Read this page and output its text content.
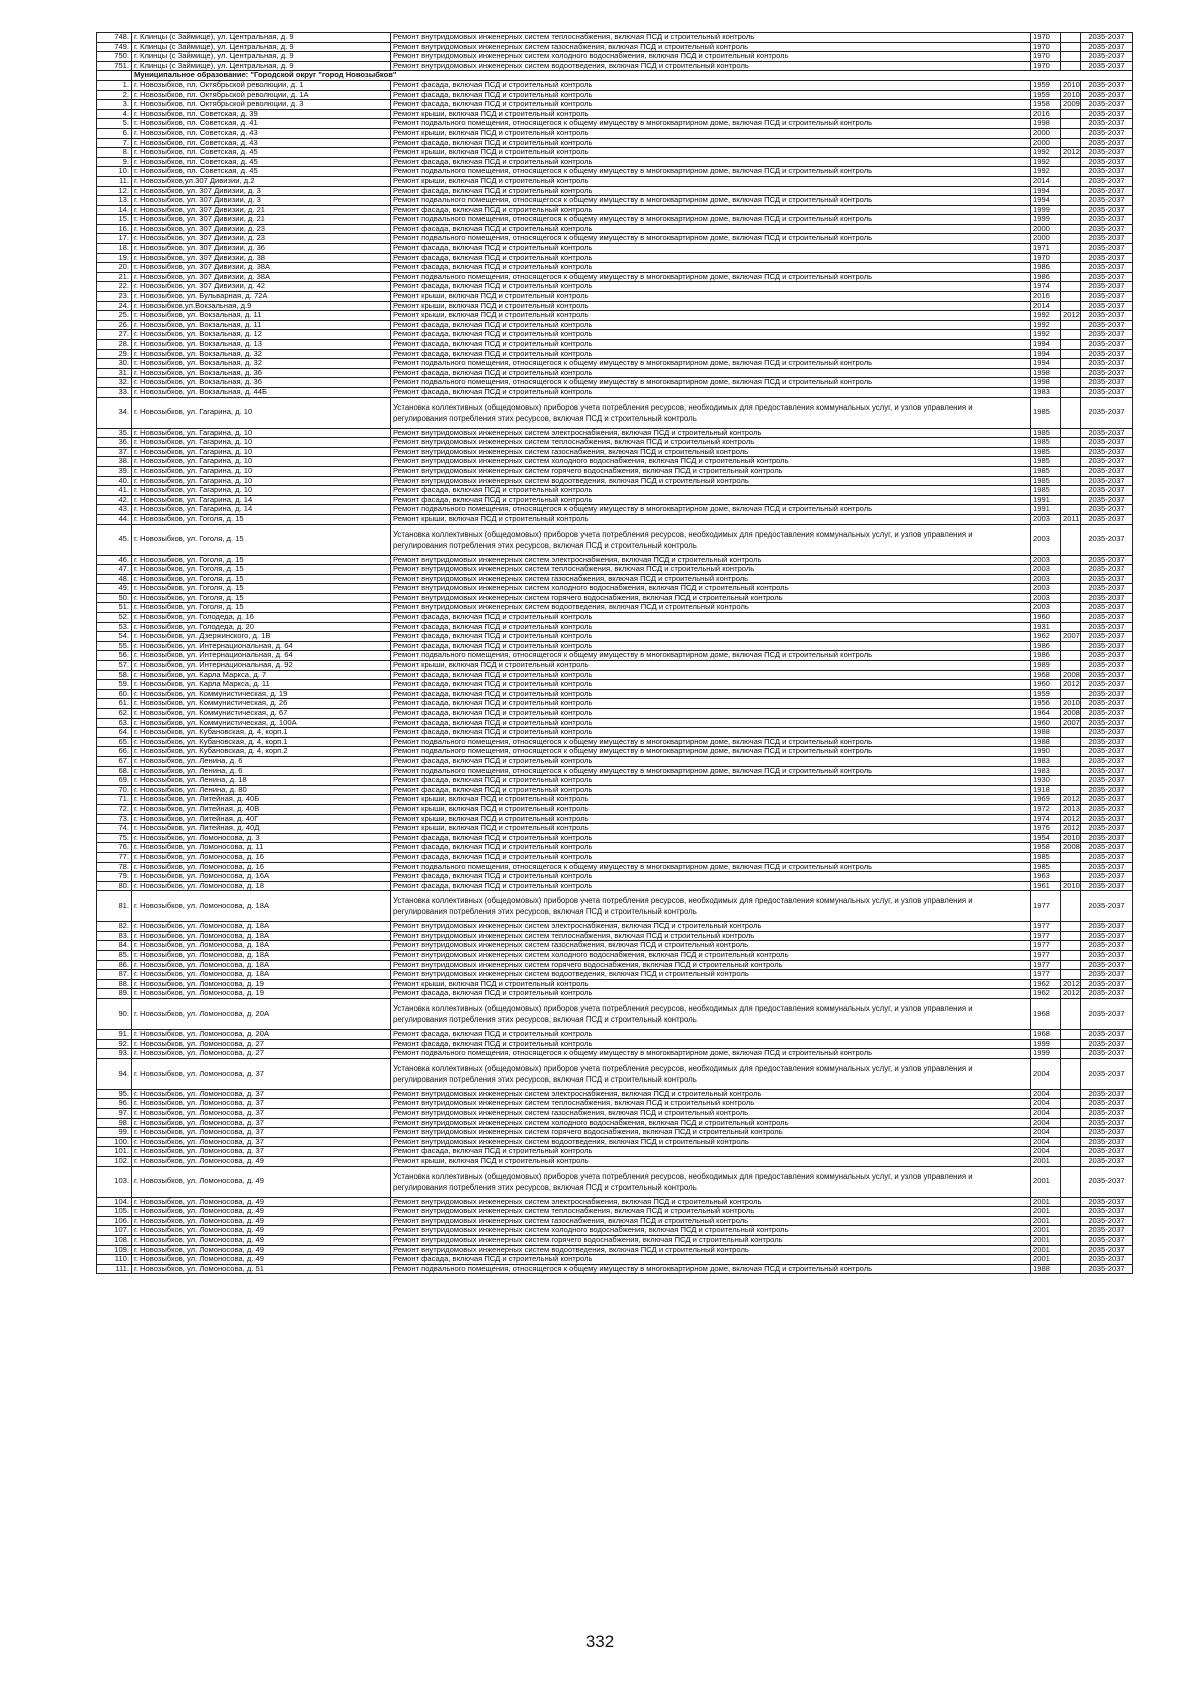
748.	г. Клинцы (с Займище), ул. Центральная, д. 9	Ремонт внутридомовых инженерных систем теплоснабжения, включая ПСД и строительный контроль	1970		2035-2037
749.	г. Клинцы (с Займище), ул. Центральная, д. 9	Ремонт внутридомовых инженерных систем газоснабжения, включая ПСД и строительный контроль	1970		2035-2037
750.	г. Клинцы (с Займище), ул. Центральная, д. 9	Ремонт внутридомовых инженерных систем холодного водоснабжения, включая ПСД и строительный контроль	1970		2035-2037
751.	г. Клинцы (с Займище), ул. Центральная, д. 9	Ремонт внутридомовых инженерных систем водоотведения, включая ПСД и строительный контроль	1970		2035-2037
	Муниципальное образование: "Городской округ "город Новозыбков"				
1.	г. Новозыбков, пл. Октябрьской революции, д. 1	Ремонт фасада, включая ПСД и строительный контроль	1959	2010	2035-2037
2.	г. Новозыбков, пл. Октябрьской революции, д. 1А	Ремонт фасада, включая ПСД и строительный контроль	1959	2010	2035-2037
3.	г. Новозыбков, пл. Октябрьской революции, д. 3	Ремонт фасада, включая ПСД и строительный контроль	1958	2009	2035-2037
4.	г. Новозыбков, пл. Советская, д. 39	Ремонт крыши, включая ПСД и строительный контроль	2016		2035-2037
5.	г. Новозыбков, пл. Советская, д. 41	Ремонт подвального помещения, относящегося к общему имуществу в многоквартирном доме, включая ПСД и строительный контроль	1998		2035-2037
6.	г. Новозыбков, пл. Советская, д. 43	Ремонт крыши, включая ПСД и строительный контроль	2000		2035-2037
7.	г. Новозыбков, пл. Советская, д. 43	Ремонт фасада, включая ПСД и строительный контроль	2000		2035-2037
8.	г. Новозыбков, пл. Советская, д. 45	Ремонт крыши, включая ПСД и строительный контроль	1992	2012	2035-2037
9.	г. Новозыбков, пл. Советская, д. 45	Ремонт фасада, включая ПСД и строительный контроль	1992		2035-2037
10.	г. Новозыбков, пл. Советская, д. 45	Ремонт подвального помещения, относящегося к общему имуществу в многоквартирном доме, включая ПСД и строительный контроль	1992		2035-2037
11.	г. Новозыбков,ул.307 Дивизии, д.2	Ремонт крыши, включая ПСД и строительный контроль	2014		2035-2037
12.	г. Новозыбков, ул. 307 Дивизии, д. 3	Ремонт фасада, включая ПСД и строительный контроль	1994		2035-2037
13.	г. Новозыбков, ул. 307 Дивизии, д. 3	Ремонт подвального помещения, относящегося к общему имуществу в многоквартирном доме, включая ПСД и строительный контроль	1994		2035-2037
14.	г. Новозыбков, ул. 307 Дивизии, д. 21	Ремонт фасада, включая ПСД и строительный контроль	1999		2035-2037
15.	г. Новозыбков, ул. 307 Дивизии, д. 21	Ремонт подвального помещения, относящегося к общему имуществу в многоквартирном доме, включая ПСД и строительный контроль	1999		2035-2037
16.	г. Новозыбков, ул. 307 Дивизии, д. 23	Ремонт фасада, включая ПСД и строительный контроль	2000		2035-2037
17.	г. Новозыбков, ул. 307 Дивизии, д. 23	Ремонт подвального помещения, относящегося к общему имуществу в многоквартирном доме, включая ПСД и строительный контроль	2000		2035-2037
18.	г. Новозыбков, ул. 307 Дивизии, д. 36	Ремонт фасада, включая ПСД и строительный контроль	1971		2035-2037
19.	г. Новозыбков, ул. 307 Дивизии, д. 38	Ремонт фасада, включая ПСД и строительный контроль	1970		2035-2037
20.	г. Новозыбков, ул. 307 Дивизии, д. 38А	Ремонт фасада, включая ПСД и строительный контроль	1986		2035-2037
21.	г. Новозыбков, ул. 307 Дивизии, д. 38А	Ремонт подвального помещения, относящегося к общему имуществу в многоквартирном доме, включая ПСД и строительный контроль	1986		2035-2037
22.	г. Новозыбков, ул. 307 Дивизии, д. 42	Ремонт фасада, включая ПСД и строительный контроль	1974		2035-2037
23.	г. Новозыбков, ул. Бульварная, д. 72А	Ремонт крыши, включая ПСД и строительный контроль	2016		2035-2037
24.	г. Новозыбков,ул.Вокзальная, д.9	Ремонт крыши, включая ПСД и строительный контроль	2014		2035-2037
25.	г. Новозыбков, ул. Вокзальная, д. 11	Ремонт крыши, включая ПСД и строительный контроль	1992	2012	2035-2037
26.	г. Новозыбков, ул. Вокзальная, д. 11	Ремонт фасада, включая ПСД и строительный контроль	1992		2035-2037
27.	г. Новозыбков, ул. Вокзальная, д. 12	Ремонт фасада, включая ПСД и строительный контроль	1992		2035-2037
28.	г. Новозыбков, ул. Вокзальная, д. 13	Ремонт фасада, включая ПСД и строительный контроль	1994		2035-2037
29.	г. Новозыбков, ул. Вокзальная, д. 32	Ремонт фасада, включая ПСД и строительный контроль	1994		2035-2037
30.	г. Новозыбков, ул. Вокзальная, д. 32	Ремонт подвального помещения, относящегося к общему имуществу в многоквартирном доме, включая ПСД и строительный контроль	1994		2035-2037
31.	г. Новозыбков, ул. Вокзальная, д. 36	Ремонт фасада, включая ПСД и строительный контроль	1998		2035-2037
32.	г. Новозыбков, ул. Вокзальная, д. 36	Ремонт подвального помещения, относящегося к общему имуществу в многоквартирном доме, включая ПСД и строительный контроль	1998		2035-2037
33.	г. Новозыбков, ул. Вокзальная, д. 44Б	Ремонт фасада, включая ПСД и строительный контроль	1983		2035-2037
34.	г. Новозыбков, ул. Гагарина, д. 10	Установка коллективных (общедомовых) приборов учета потребления ресурсов, необходимых для предоставления коммунальных услуг, и узлов управления и регулирования потребления этих ресурсов, включая ПСД и строительный контроль	1985		2035-2037
35.	г. Новозыбков, ул. Гагарина, д. 10	Ремонт внутридомовых инженерных систем электроснабжения, включая ПСД и строительный контроль	1985		2035-2037
36.	г. Новозыбков, ул. Гагарина, д. 10	Ремонт внутридомовых инженерных систем теплоснабжения, включая ПСД и строительный контроль	1985		2035-2037
37.	г. Новозыбков, ул. Гагарина, д. 10	Ремонт внутридомовых инженерных систем газоснабжения, включая ПСД и строительный контроль	1985		2035-2037
38.	г. Новозыбков, ул. Гагарина, д. 10	Ремонт внутридомовых инженерных систем холодного водоснабжения, включая ПСД и строительный контроль	1985		2035-2037
39.	г. Новозыбков, ул. Гагарина, д. 10	Ремонт внутридомовых инженерных систем горячего водоснабжения, включая ПСД и строительный контроль	1985		2035-2037
40.	г. Новозыбков, ул. Гагарина, д. 10	Ремонт внутридомовых инженерных систем водоотведения, включая ПСД и строительный контроль	1985		2035-2037
41.	г. Новозыбков, ул. Гагарина, д. 10	Ремонт фасада, включая ПСД и строительный контроль	1985		2035-2037
42.	г. Новозыбков, ул. Гагарина, д. 14	Ремонт фасада, включая ПСД и строительный контроль	1991		2035-2037
43.	г. Новозыбков, ул. Гагарина, д. 14	Ремонт подвального помещения, относящегося к общему имуществу в многоквартирном доме, включая ПСД и строительный контроль	1991		2035-2037
44.	г. Новозыбков, ул. Гоголя, д. 15	Ремонт крыши, включая ПСД и строительный контроль	2003	2011	2035-2037
45.	г. Новозыбков, ул. Гоголя, д. 15	Установка коллективных (общедомовых) приборов учета потребления ресурсов, необходимых для предоставления коммунальных услуг, и узлов управления и регулирования потребления этих ресурсов, включая ПСД и строительный контроль	2003		2035-2037
46.	г. Новозыбков, ул. Гоголя, д. 15	Ремонт внутридомовых инженерных систем электроснабжения, включая ПСД и строительный контроль	2003		2035-2037
47.	г. Новозыбков, ул. Гоголя, д. 15	Ремонт внутридомовых инженерных систем теплоснабжения, включая ПСД и строительный контроль	2003		2035-2037
48.	г. Новозыбков, ул. Гоголя, д. 15	Ремонт внутридомовых инженерных систем газоснабжения, включая ПСД и строительный контроль	2003		2035-2037
49.	г. Новозыбков, ул. Гоголя, д. 15	Ремонт внутридомовых инженерных систем холодного водоснабжения, включая ПСД и строительный контроль	2003		2035-2037
50.	г. Новозыбков, ул. Гоголя, д. 15	Ремонт внутридомовых инженерных систем горячего водоснабжения, включая ПСД и строительный контроль	2003		2035-2037
51.	г. Новозыбков, ул. Гоголя, д. 15	Ремонт внутридомовых инженерных систем водоотведения, включая ПСД и строительный контроль	2003		2035-2037
52.	г. Новозыбков, ул. Голодеда, д. 16	Ремонт фасада, включая ПСД и строительный контроль	1960		2035-2037
53.	г. Новозыбков, ул. Голодеда, д. 20	Ремонт фасада, включая ПСД и строительный контроль	1931		2035-2037
54.	г. Новозыбков, ул. Дзержинского, д. 1В	Ремонт фасада, включая ПСД и строительный контроль	1962	2007	2035-2037
55.	г. Новозыбков, ул. Интернациональная, д. 64	Ремонт фасада, включая ПСД и строительный контроль	1986		2035-2037
56.	г. Новозыбков, ул. Интернациональная, д. 64	Ремонт подвального помещения, относящегося к общему имуществу в многоквартирном доме, включая ПСД и строительный контроль	1986		2035-2037
57.	г. Новозыбков, ул. Интернациональная, д. 92	Ремонт крыши, включая ПСД и строительный контроль	1989		2035-2037
58.	г. Новозыбков, ул. Карла Маркса, д. 7	Ремонт фасада, включая ПСД и строительный контроль	1968	2008	2035-2037
59.	г. Новозыбков, ул. Карла Маркса, д. 11	Ремонт фасада, включая ПСД и строительный контроль	1960	2012	2035-2037
60.	г. Новозыбков, ул. Коммунистическая, д. 19	Ремонт фасада, включая ПСД и строительный контроль	1959		2035-2037
61.	г. Новозыбков, ул. Коммунистическая, д. 26	Ремонт фасада, включая ПСД и строительный контроль	1956	2010	2035-2037
62.	г. Новозыбков, ул. Коммунистическая, д. 67	Ремонт фасада, включая ПСД и строительный контроль	1964	2008	2035-2037
63.	г. Новозыбков, ул. Коммунистическая, д. 100А	Ремонт фасада, включая ПСД и строительный контроль	1960	2007	2035-2037
64.	г. Новозыбков, ул. Кубановская, д. 4, корп.1	Ремонт фасада, включая ПСД и строительный контроль	1988		2035-2037
65.	г. Новозыбков, ул. Кубановская, д. 4, корп.1	Ремонт подвального помещения, относящегося к общему имуществу в многоквартирном доме, включая ПСД и строительный контроль	1988		2035-2037
66.	г. Новозыбков, ул. Кубановская, д. 4, корп.2	Ремонт подвального помещения, относящегося к общему имуществу в многоквартирном доме, включая ПСД и строительный контроль	1990		2035-2037
67.	г. Новозыбков, ул. Ленина, д. 6	Ремонт фасада, включая ПСД и строительный контроль	1983		2035-2037
68.	г. Новозыбков, ул. Ленина, д. 6	Ремонт подвального помещения, относящегося к общему имуществу в многоквартирном доме, включая ПСД и строительный контроль	1983		2035-2037
69.	г. Новозыбков, ул. Ленина, д. 18	Ремонт фасада, включая ПСД и строительный контроль	1930		2035-2037
70.	г. Новозыбков, ул. Ленина, д. 80	Ремонт фасада, включая ПСД и строительный контроль	1918		2035-2037
71.	г. Новозыбков, ул. Литейная, д. 40Б	Ремонт крыши, включая ПСД и строительный контроль	1969	2012	2035-2037
72.	г. Новозыбков, ул. Литейная, д. 40В	Ремонт крыши, включая ПСД и строительный контроль	1972	2013	2035-2037
73.	г. Новозыбков, ул. Литейная, д. 40Г	Ремонт крыши, включая ПСД и строительный контроль	1974	2012	2035-2037
74.	г. Новозыбков, ул. Литейная, д. 40Д	Ремонт крыши, включая ПСД и строительный контроль	1976	2012	2035-2037
75.	г. Новозыбков, ул. Ломоносова, д. 3	Ремонт фасада, включая ПСД и строительный контроль	1954	2010	2035-2037
76.	г. Новозыбков, ул. Ломоносова, д. 11	Ремонт фасада, включая ПСД и строительный контроль	1958	2008	2035-2037
77.	г. Новозыбков, ул. Ломоносова, д. 16	Ремонт фасада, включая ПСД и строительный контроль	1985		2035-2037
78.	г. Новозыбков, ул. Ломоносова, д. 16	Ремонт подвального помещения, относящегося к общему имуществу в многоквартирном доме, включая ПСД и строительный контроль	1985		2035-2037
79.	г. Новозыбков, ул. Ломоносова, д. 16А	Ремонт фасада, включая ПСД и строительный контроль	1963		2035-2037
80.	г. Новозыбков, ул. Ломоносова, д. 18	Ремонт фасада, включая ПСД и строительный контроль	1961	2010	2035-2037
81.	г. Новозыбков, ул. Ломоносова, д. 18А	Установка коллективных (общедомовых) приборов учета потребления ресурсов, необходимых для предоставления коммунальных услуг, и узлов управления и регулирования потребления этих ресурсов, включая ПСД и строительный контроль	1977		2035-2037
82.	г. Новозыбков, ул. Ломоносова, д. 18А	Ремонт внутридомовых инженерных систем электроснабжения, включая ПСД и строительный контроль	1977		2035-2037
83.	г. Новозыбков, ул. Ломоносова, д. 18А	Ремонт внутридомовых инженерных систем теплоснабжения, включая ПСД и строительный контроль	1977		2035-2037
84.	г. Новозыбков, ул. Ломоносова, д. 18А	Ремонт внутридомовых инженерных систем газоснабжения, включая ПСД и строительный контроль	1977		2035-2037
85.	г. Новозыбков, ул. Ломоносова, д. 18А	Ремонт внутридомовых инженерных систем холодного водоснабжения, включая ПСД и строительный контроль	1977		2035-2037
86.	г. Новозыбков, ул. Ломоносова, д. 18А	Ремонт внутридомовых инженерных систем горячего водоснабжения, включая ПСД и строительный контроль	1977		2035-2037
87.	г. Новозыбков, ул. Ломоносова, д. 18А	Ремонт внутридомовых инженерных систем водоотведения, включая ПСД и строительный контроль	1977		2035-2037
88.	г. Новозыбков, ул. Ломоносова, д. 19	Ремонт крыши, включая ПСД и строительный контроль	1962	2012	2035-2037
89.	г. Новозыбков, ул. Ломоносова, д. 19	Ремонт фасада, включая ПСД и строительный контроль	1962	2012	2035-2037
90.	г. Новозыбков, ул. Ломоносова, д. 20А	Установка коллективных (общедомовых) приборов учета потребления ресурсов, необходимых для предоставления коммунальных услуг, и узлов управления и регулирования потребления этих ресурсов, включая ПСД и строительный контроль	1968		2035-2037
91.	г. Новозыбков, ул. Ломоносова, д. 20А	Ремонт фасада, включая ПСД и строительный контроль	1968		2035-2037
92.	г. Новозыбков, ул. Ломоносова, д. 27	Ремонт фасада, включая ПСД и строительный контроль	1999		2035-2037
93.	г. Новозыбков, ул. Ломоносова, д. 27	Ремонт подвального помещения, относящегося к общему имуществу в многоквартирном доме, включая ПСД и строительный контроль	1999		2035-2037
94.	г. Новозыбков, ул. Ломоносова, д. 37	Установка коллективных (общедомовых) приборов учета потребления ресурсов, необходимых для предоставления коммунальных услуг, и узлов управления и регулирования потребления этих ресурсов, включая ПСД и строительный контроль	2004		2035-2037
95.	г. Новозыбков, ул. Ломоносова, д. 37	Ремонт внутридомовых инженерных систем электроснабжения, включая ПСД и строительный контроль	2004		2035-2037
96.	г. Новозыбков, ул. Ломоносова, д. 37	Ремонт внутридомовых инженерных систем теплоснабжения, включая ПСД и строительный контроль	2004		2035-2037
97.	г. Новозыбков, ул. Ломоносова, д. 37	Ремонт внутридомовых инженерных систем газоснабжения, включая ПСД и строительный контроль	2004		2035-2037
98.	г. Новозыбков, ул. Ломоносова, д. 37	Ремонт внутридомовых инженерных систем холодного водоснабжения, включая ПСД и строительный контроль	2004		2035-2037
99.	г. Новозыбков, ул. Ломоносова, д. 37	Ремонт внутридомовых инженерных систем горячего водоснабжения, включая ПСД и строительный контроль	2004		2035-2037
100.	г. Новозыбков, ул. Ломоносова, д. 37	Ремонт внутридомовых инженерных систем водоотведения, включая ПСД и строительный контроль	2004		2035-2037
101.	г. Новозыбков, ул. Ломоносова, д. 37	Ремонт фасада, включая ПСД и строительный контроль	2004		2035-2037
102.	г. Новозыбков, ул. Ломоносова, д. 49	Ремонт крыши, включая ПСД и строительный контроль	2001		2035-2037
103.	г. Новозыбков, ул. Ломоносова, д. 49	Установка коллективных (общедомовых) приборов учета потребления ресурсов, необходимых для предоставления коммунальных услуг, и узлов управления и регулирования потребления этих ресурсов, включая ПСД и строительный контроль	2001		2035-2037
104.	г. Новозыбков, ул. Ломоносова, д. 49	Ремонт внутридомовых инженерных систем электроснабжения, включая ПСД и строительный контроль	2001		2035-2037
105.	г. Новозыбков, ул. Ломоносова, д. 49	Ремонт внутридомовых инженерных систем теплоснабжения, включая ПСД и строительный контроль	2001		2035-2037
106.	г. Новозыбков, ул. Ломоносова, д. 49	Ремонт внутридомовых инженерных систем газоснабжения, включая ПСД и строительный контроль	2001		2035-2037
107.	г. Новозыбков, ул. Ломоносова, д. 49	Ремонт внутридомовых инженерных систем холодного водоснабжения, включая ПСД и строительный контроль	2001		2035-2037
108.	г. Новозыбков, ул. Ломоносова, д. 49	Ремонт внутридомовых инженерных систем горячего водоснабжения, включая ПСД и строительный контроль	2001		2035-2037
109.	г. Новозыбков, ул. Ломоносова, д. 49	Ремонт внутридомовых инженерных систем водоотведения, включая ПСД и строительный контроль	2001		2035-2037
110.	г. Новозыбков, ул. Ломоносова, д. 49	Ремонт фасада, включая ПСД и строительный контроль	2001		2035-2037
111.	г. Новозыбков, ул. Ломоносова, д. 51	Ремонт подвального помещения, относящегося к общему имуществу в многоквартирном доме, включая ПСД и строительный контроль	1988		2035-2037
332
